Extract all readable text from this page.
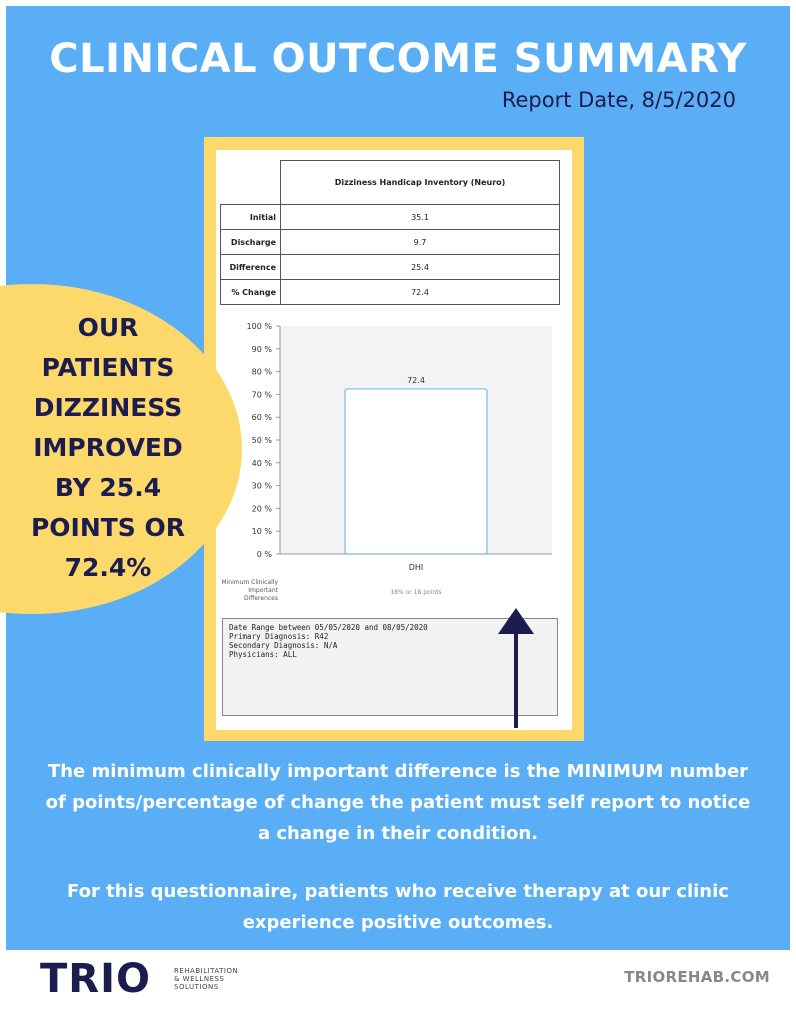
CLINICAL OUTCOME SUMMARY
Report Date, 8/5/2020
	Dizziness Handicap Inventory (Neuro)
Initial	35.1
Discharge	9.7
Difference	25.4
% Change	72.4
0 %
10 %
20 %
30 %
40 %
50 %
60 %
70 %
80 %
90 %
100 %
72.4
DHI
18% or 18 points
Minimum Clinically Important Differences
Date Range between 05/05/2020 and 08/05/2020
Primary Diagnosis: R42
Secondary Diagnosis: N/A
Physicians: ALL
OUR
PATIENTS
DIZZINESS
IMPROVED
BY 25.4
POINTS OR
72.4%
The minimum clinically important difference is the MINIMUM number of points/percentage of change the patient must self report to notice a change in their condition.
For this questionnaire, patients who receive therapy at our clinic experience positive outcomes.
TRIO	REHABILITATION
& WELLNESS
SOLUTIONS
TRIOREHAB.COM
